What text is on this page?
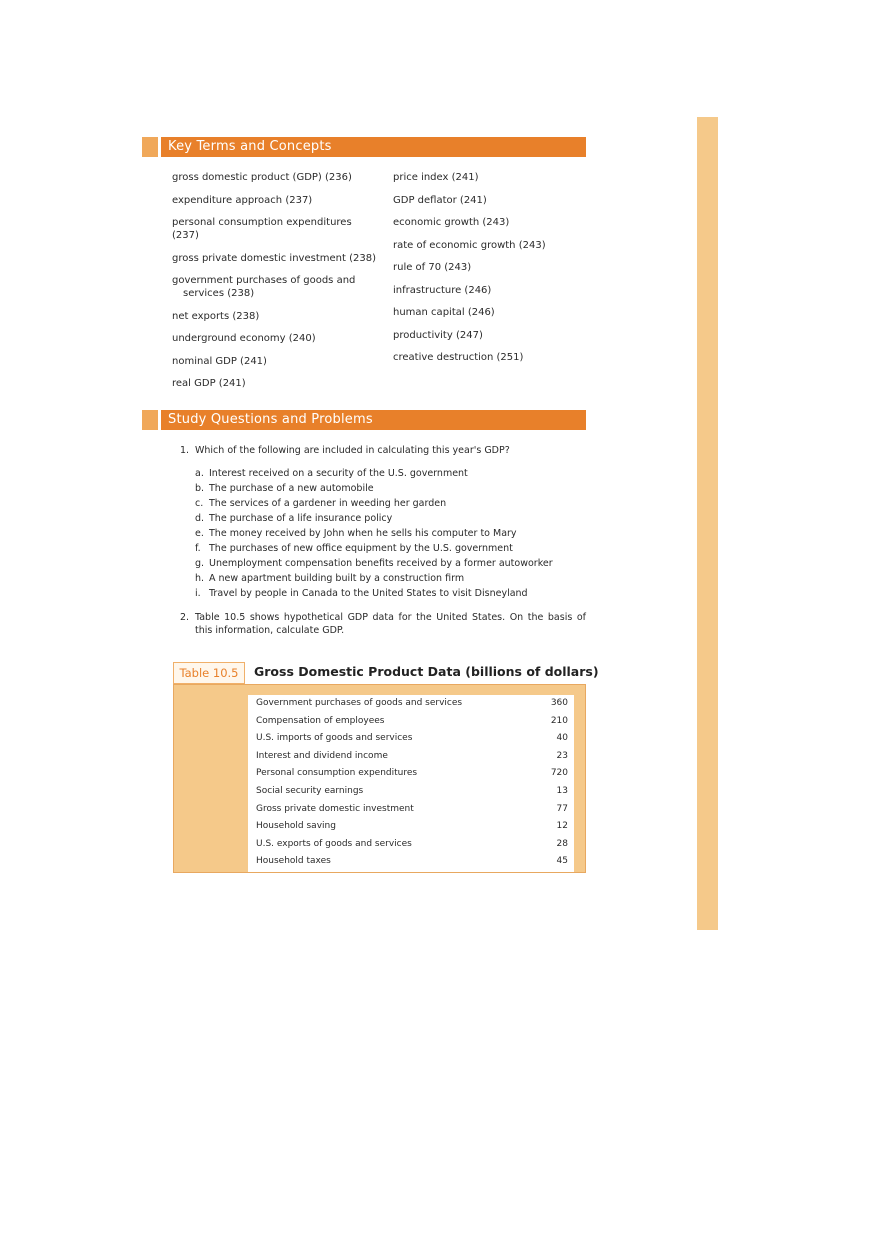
Key Terms and Concepts
gross domestic product (GDP) (236)
expenditure approach (237)
personal consumption expenditures (237)
gross private domestic investment (238)
government purchases of goods and
services (238)
net exports (238)
underground economy (240)
nominal GDP (241)
real GDP (241)
price index (241)
GDP deflator (241)
economic growth (243)
rate of economic growth (243)
rule of 70 (243)
infrastructure (246)
human capital (246)
productivity (247)
creative destruction (251)
Study Questions and Problems
1. Which of the following are included in calculating this year's GDP?
a. Interest received on a security of the U.S. government
b. The purchase of a new automobile
c. The services of a gardener in weeding her garden
d. The purchase of a life insurance policy
e. The money received by John when he sells his computer to Mary
f. The purchases of new office equipment by the U.S. government
g. Unemployment compensation benefits received by a former autoworker
h. A new apartment building built by a construction firm
i. Travel by people in Canada to the United States to visit Disneyland
2. Table 10.5 shows hypothetical GDP data for the United States. On the basis of this information, calculate GDP.
Table 10.5	Gross Domestic Product Data (billions of dollars)
Government purchases of goods and services	360
Compensation of employees	210
U.S. imports of goods and services	40
Interest and dividend income	23
Personal consumption expenditures	720
Social security earnings	13
Gross private domestic investment	77
Household saving	12
U.S. exports of goods and services	28
Household taxes	45
